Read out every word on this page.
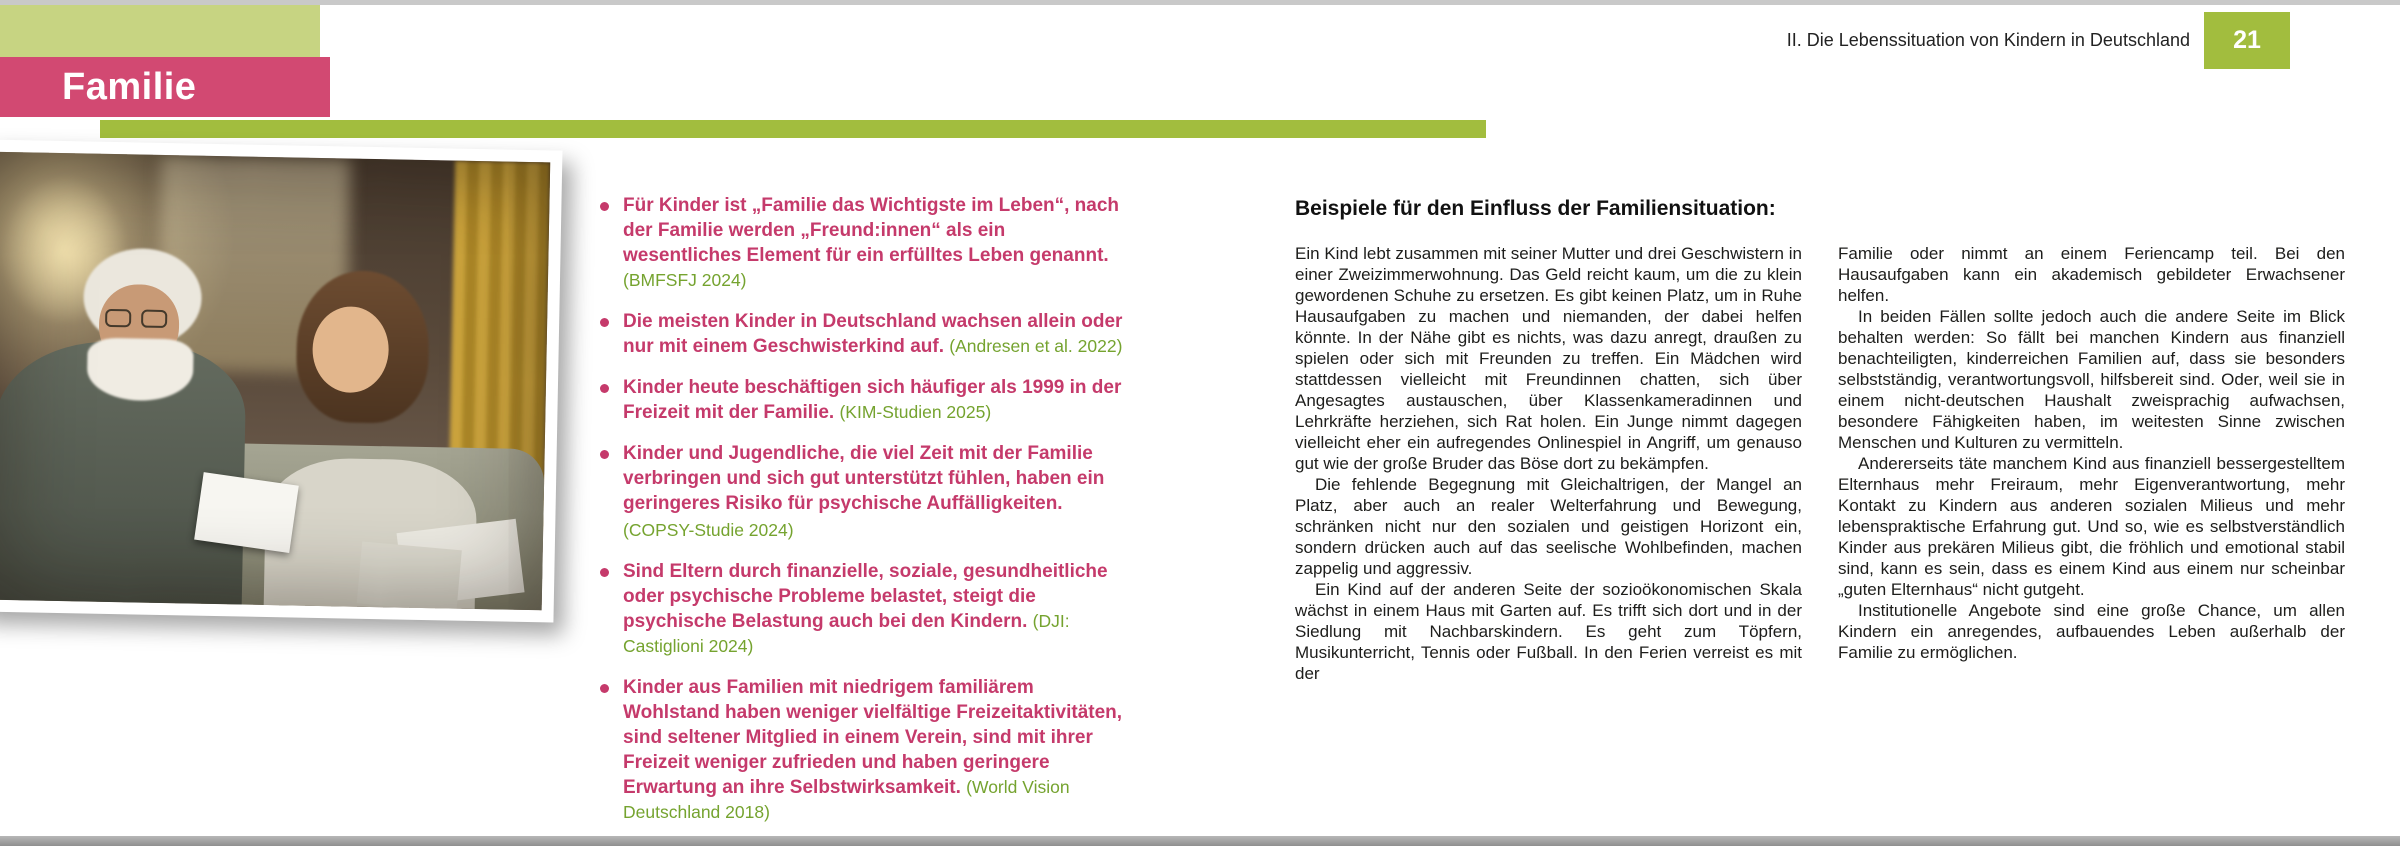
Familie
II. Die Lebenssituation von Kindern in Deutschland 21
Für Kinder ist „Familie das Wichtigste im Leben“, nach der Familie werden „Freund:innen“ als ein wesentliches Element für ein erfülltes Leben genannt. (BMFSFJ 2024)
Die meisten Kinder in Deutschland wachsen allein oder nur mit einem Geschwisterkind auf. (Andresen et al. 2022)
Kinder heute beschäftigen sich häufiger als 1999 in der Freizeit mit der Familie. (KIM-Studien 2025)
Kinder und Jugendliche, die viel Zeit mit der Familie verbringen und sich gut unterstützt fühlen, haben ein geringeres Risiko für psychische Auffälligkeiten.
(COPSY-Studie 2024)
Sind Eltern durch finanzielle, soziale, gesundheitliche oder psychische Probleme belastet, steigt die psychische Belastung auch bei den Kindern. (DJI: Castiglioni 2024)
Kinder aus Familien mit niedrigem familiärem Wohlstand haben weniger vielfältige Freizeitaktivitäten, sind seltener Mitglied in einem Verein, sind mit ihrer Freizeit weniger zufrieden und haben geringere Erwartung an ihre Selbstwirksamkeit. (World Vision Deutschland 2018)
Beispiele für den Einfluss der Familiensituation:

Ein Kind lebt zusammen mit seiner Mutter und drei Geschwistern in einer Zweizimmerwohnung. Das Geld reicht kaum, um die zu klein gewordenen Schuhe zu ersetzen. Es gibt keinen Platz, um in Ruhe Hausaufgaben zu machen und niemanden, der dabei helfen könnte. In der Nähe gibt es nichts, was dazu anregt, draußen zu spielen oder sich mit Freunden zu treffen. Ein Mädchen wird stattdessen vielleicht mit Freundinnen chatten, sich über Angesagtes austauschen, über Klassenkameradinnen und Lehrkräfte herziehen, sich Rat holen. Ein Junge nimmt dagegen vielleicht eher ein aufregendes Onlinespiel in Angriff, um genauso gut wie der große Bruder das Böse dort zu bekämpfen.

Die fehlende Begegnung mit Gleichaltrigen, der Mangel an Platz, aber auch an realer Welterfahrung und Bewegung, schränken nicht nur den sozialen und geistigen Horizont ein, sondern drücken auch auf das seelische Wohlbefinden, machen zappelig und aggressiv.

Ein Kind auf der anderen Seite der sozioökonomischen Skala wächst in einem Haus mit Garten auf. Es trifft sich dort und in der Siedlung mit Nachbarskindern. Es geht zum Töpfern, Musikunterricht, Tennis oder Fußball. In den Ferien verreist es mit der

Familie oder nimmt an einem Feriencamp teil. Bei den Hausaufgaben kann ein akademisch gebildeter Erwachsener helfen.

In beiden Fällen sollte jedoch auch die andere Seite im Blick behalten werden: So fällt bei manchen Kindern aus finanziell benachteiligten, kinderreichen Familien auf, dass sie besonders selbstständig, verantwortungsvoll, hilfsbereit sind. Oder, weil sie in einem nicht-deutschen Haushalt zweisprachig aufwachsen, besondere Fähigkeiten haben, im weitesten Sinne zwischen Menschen und Kulturen zu vermitteln.

Andererseits täte manchem Kind aus finanziell bessergestelltem Elternhaus mehr Freiraum, mehr Eigenverantwortung, mehr Kontakt zu Kindern aus anderen sozialen Milieus und mehr lebenspraktische Erfahrung gut. Und so, wie es selbstverständlich Kinder aus prekären Milieus gibt, die fröhlich und emotional stabil sind, kann es sein, dass es einem Kind aus einem nur scheinbar „guten Elternhaus“ nicht gutgeht.

Institutionelle Angebote sind eine große Chance, um allen Kindern ein anregendes, aufbauendes Leben außerhalb der Familie zu ermöglichen.
